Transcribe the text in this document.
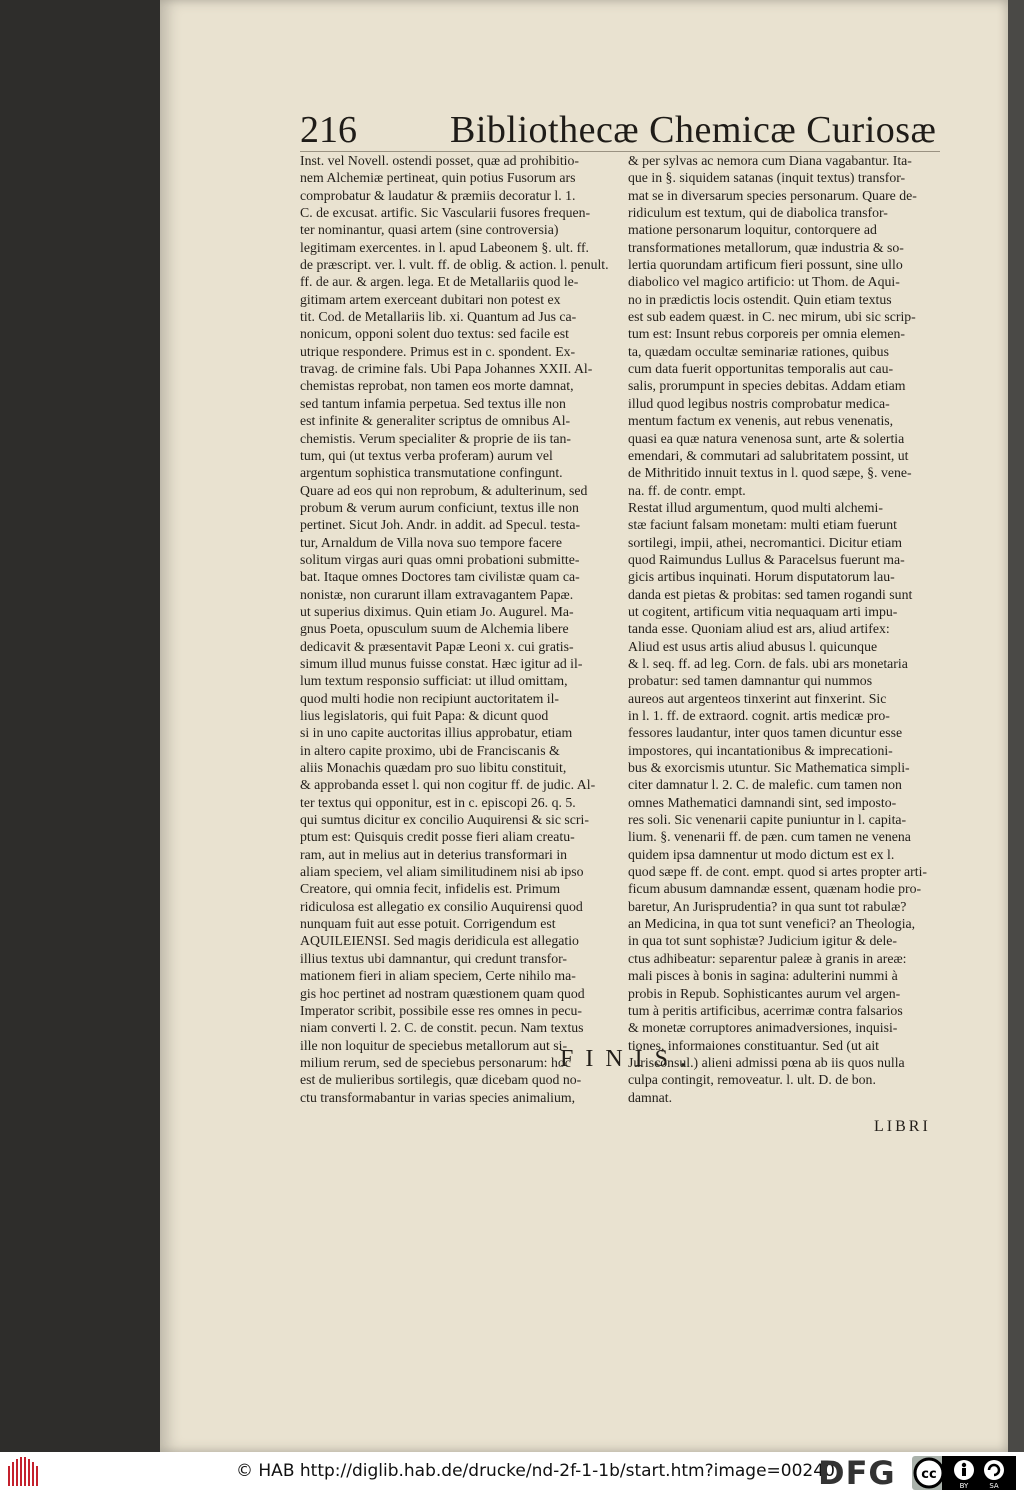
216 Bibliothecæ Chemicæ Curiosæ
Inst. vel Novell. ostendi posset, quæ ad prohibitio-
nem Alchemiæ pertineat, quin potius Fusorum ars
comprobatur & laudatur & præmiis decoratur l. 1.
C. de excusat. artific. Sic Vascularii fusores frequen-
ter nominantur, quasi artem (sine controversia)
legitimam exercentes. in l. apud Labeonem §. ult. ff.
de præscript. ver. l. vult. ff. de oblig. & action. l. penult.
ff. de aur. & argen. lega. Et de Metallariis quod le-
gitimam artem exerceant dubitari non potest ex
tit. Cod. de Metallariis lib. xi. Quantum ad Jus ca-
nonicum, opponi solent duo textus: sed facile est
utrique respondere. Primus est in c. spondent. Ex-
travag. de crimine fals. Ubi Papa Johannes XXII. Al-
chemistas reprobat, non tamen eos morte damnat,
sed tantum infamia perpetua. Sed textus ille non
est infinite & generaliter scriptus de omnibus Al-
chemistis. Verum specialiter & proprie de iis tan-
tum, qui (ut textus verba proferam) aurum vel
argentum sophistica transmutatione confingunt.
Quare ad eos qui non reprobum, & adulterinum, sed
probum & verum aurum conficiunt, textus ille non
pertinet. Sicut Joh. Andr. in addit. ad Specul. testa-
tur, Arnaldum de Villa nova suo tempore facere
solitum virgas auri quas omni probationi submitte-
bat. Itaque omnes Doctores tam civilistæ quam ca-
nonistæ, non curarunt illam extravagantem Papæ.
ut superius diximus. Quin etiam Jo. Augurel. Ma-
gnus Poeta, opusculum suum de Alchemia libere
dedicavit & præsentavit Papæ Leoni x. cui gratis-
simum illud munus fuisse constat. Hæc igitur ad il-
lum textum responsio sufficiat: ut illud omittam,
quod multi hodie non recipiunt auctoritatem il-
lius legislatoris, qui fuit Papa: & dicunt quod
si in uno capite auctoritas illius approbatur, etiam
in altero capite proximo, ubi de Franciscanis &
aliis Monachis quædam pro suo libitu constituit,
& approbanda esset l. qui non cogitur ff. de judic. Al-
ter textus qui opponitur, est in c. episcopi 26. q. 5.
qui sumtus dicitur ex concilio Auquirensi & sic scri-
ptum est: Quisquis credit posse fieri aliam creatu-
ram, aut in melius aut in deterius transformari in
aliam speciem, vel aliam similitudinem nisi ab ipso
Creatore, qui omnia fecit, infidelis est. Primum
ridiculosa est allegatio ex consilio Auquirensi quod
nunquam fuit aut esse potuit. Corrigendum est
AQUILEIENSI. Sed magis deridicula est allegatio
illius textus ubi damnantur, qui credunt transfor-
mationem fieri in aliam speciem, Certe nihilo ma-
gis hoc pertinet ad nostram quæstionem quam quod
Imperator scribit, possibile esse res omnes in pecu-
niam converti l. 2. C. de constit. pecun. Nam textus
ille non loquitur de speciebus metallorum aut si-
milium rerum, sed de speciebus personarum: hoc
est de mulieribus sortilegis, quæ dicebam quod no-
ctu transformabantur in varias species animalium,
& per sylvas ac nemora cum Diana vagabantur. Ita-
que in §. siquidem satanas (inquit textus) transfor-
mat se in diversarum species personarum. Quare de-
ridiculum est textum, qui de diabolica transfor-
matione personarum loquitur, contorquere ad
transformationes metallorum, quæ industria & so-
lertia quorundam artificum fieri possunt, sine ullo
diabolico vel magico artificio: ut Thom. de Aqui-
no in prædictis locis ostendit. Quin etiam textus
est sub eadem quæst. in C. nec mirum, ubi sic scrip-
tum est: Insunt rebus corporeis per omnia elemen-
ta, quædam occultæ seminariæ rationes, quibus
cum data fuerit opportunitas temporalis aut cau-
salis, prorumpunt in species debitas. Addam etiam
illud quod legibus nostris comprobatur medica-
mentum factum ex venenis, aut rebus venenatis,
quasi ea quæ natura venenosa sunt, arte & solertia
emendari, & commutari ad salubritatem possint, ut
de Mithritido innuit textus in l. quod sæpe, §. vene-
na. ff. de contr. empt.
Restat illud argumentum, quod multi alchemi-
stæ faciunt falsam monetam: multi etiam fuerunt
sortilegi, impii, athei, necromantici. Dicitur etiam
quod Raimundus Lullus & Paracelsus fuerunt ma-
gicis artibus inquinati. Horum disputatorum lau-
danda est pietas & probitas: sed tamen rogandi sunt
ut cogitent, artificum vitia nequaquam arti impu-
tanda esse. Quoniam aliud est ars, aliud artifex:
Aliud est usus artis aliud abusus l. quicunque
& l. seq. ff. ad leg. Corn. de fals. ubi ars monetaria
probatur: sed tamen damnantur qui nummos
aureos aut argenteos tinxerint aut finxerint. Sic
in l. 1. ff. de extraord. cognit. artis medicæ pro-
fessores laudantur, inter quos tamen dicuntur esse
impostores, qui incantationibus & imprecationi-
bus & exorcismis utuntur. Sic Mathematica simpli-
citer damnatur l. 2. C. de malefic. cum tamen non
omnes Mathematici damnandi sint, sed imposto-
res soli. Sic venenarii capite puniuntur in l. capita-
lium. §. venenarii ff. de pæn. cum tamen ne venena
quidem ipsa damnentur ut modo dictum est ex l.
quod sæpe ff. de cont. empt. quod si artes propter arti-
ficum abusum damnandæ essent, quænam hodie pro-
baretur, An Jurisprudentia? in qua sunt tot rabulæ?
an Medicina, in qua tot sunt venefici? an Theologia,
in qua tot sunt sophistæ? Judicium igitur & dele-
ctus adhibeatur: separentur paleæ à granis in areæ:
mali pisces à bonis in sagina: adulterini nummi à
probis in Repub. Sophisticantes aurum vel argen-
tum à peritis artificibus, acerrimæ contra falsarios
& monetæ corruptores animadversiones, inquisi-
tiones, informaiones constituantur. Sed (ut ait
Jurisconsul.) alieni admissi pœna ab iis quos nulla
culpa contingit, removeatur. l. ult. D. de bon.
damnat.
FINIS.
LIBRI
© HAB http://diglib.hab.de/drucke/nd-2f-1-1b/start.htm?image=00240
DFG cc
BY	SA
